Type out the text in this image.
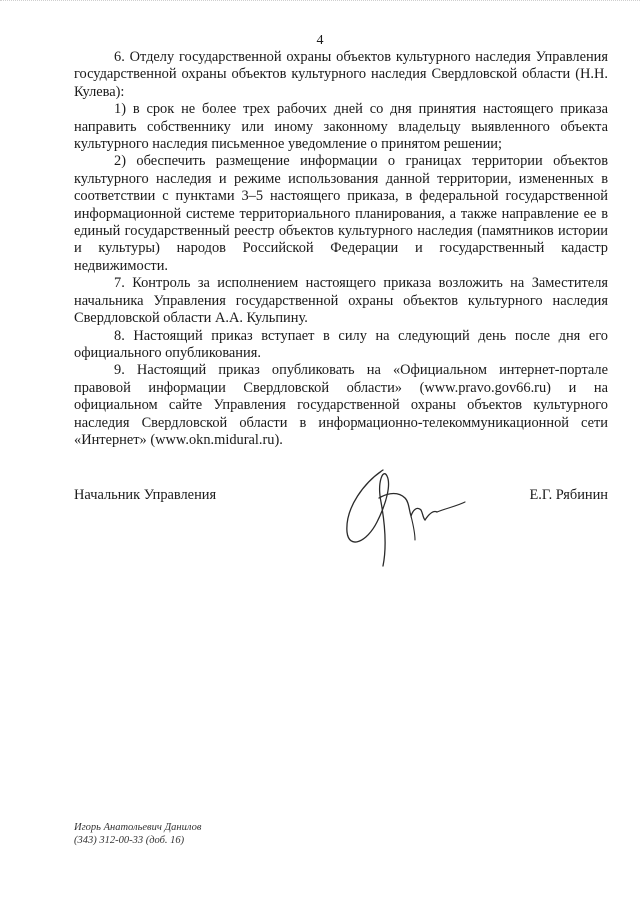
4

6. Отделу государственной охраны объектов культурного наследия Управления государственной охраны объектов культурного наследия Свердловской области (Н.Н. Кулева):

1) в срок не более трех рабочих дней со дня принятия настоящего приказа направить собственнику или иному законному владельцу выявленного объекта культурного наследия письменное уведомление о принятом решении;

2) обеспечить размещение информации о границах территории объектов культурного наследия и режиме использования данной территории, измененных в соответствии с пунктами 3–5 настоящего приказа, в федеральной государственной информационной системе территориального планирования, а также направление ее в единый государственный реестр объектов культурного наследия (памятников истории и культуры) народов Российской Федерации и государственный кадастр недвижимости.

7. Контроль за исполнением настоящего приказа возложить на Заместителя начальника Управления государственной охраны объектов культурного наследия Свердловской области А.А. Кульпину.

8. Настоящий приказ вступает в силу на следующий день после дня его официального опубликования.

9. Настоящий приказ опубликовать на «Официальном интернет-портале правовой информации Свердловской области» (www.pravo.gov66.ru) и на официальном сайте Управления государственной охраны объектов культурного наследия Свердловской области в информационно-телекоммуникационной сети «Интернет» (www.okn.midural.ru).

Начальник Управления	Е.Г. Рябинин
Игорь Анатольевич Данилов
(343) 312-00-33 (доб. 16)
